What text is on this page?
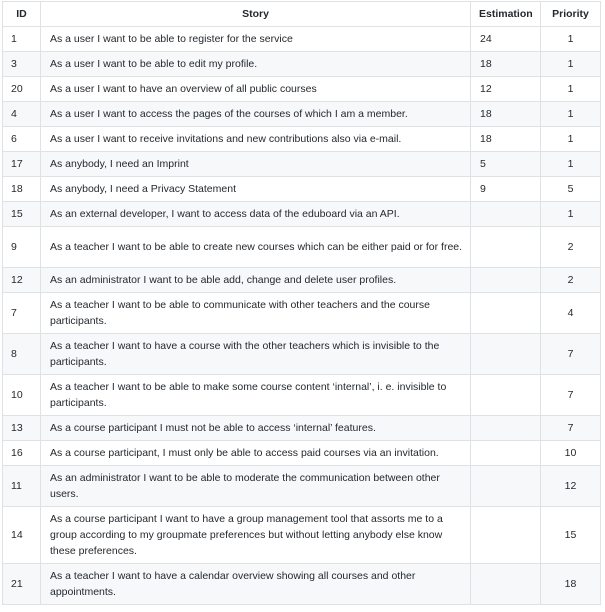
ID	Story	Estimation	Priority
1	As a user I want to be able to register for the service	24	1
3	As a user I want to be able to edit my profile.	18	1
20	As a user I want to have an overview of all public courses	12	1
4	As a user I want to access the pages of the courses of which I am a member.	18	1
6	As a user I want to receive invitations and new contributions also via e-mail.	18	1
17	As anybody, I need an Imprint	5	1
18	As anybody, I need a Privacy Statement	9	5
15	As an external developer, I want to access data of the eduboard via an API.		1
9	As a teacher I want to be able to create new courses which can be either paid or for free.		2
12	As an administrator I want to be able add, change and delete user profiles.		2
7	As a teacher I want to be able to communicate with other teachers and the course participants.		4
8	As a teacher I want to have a course with the other teachers which is invisible to the participants.		7
10	As a teacher I want to be able to make some course content ‘internal’, i. e. invisible to participants.		7
13	As a course participant I must not be able to access ‘internal’ features.		7
16	As a course participant, I must only be able to access paid courses via an invitation.		10
11	As an administrator I want to be able to moderate the communication between other users.		12
14	As a course participant I want to have a group management tool that assorts me to a group according to my groupmate preferences but without letting anybody else know these preferences.		15
21	As a teacher I want to have a calendar overview showing all courses and other appointments.		18
